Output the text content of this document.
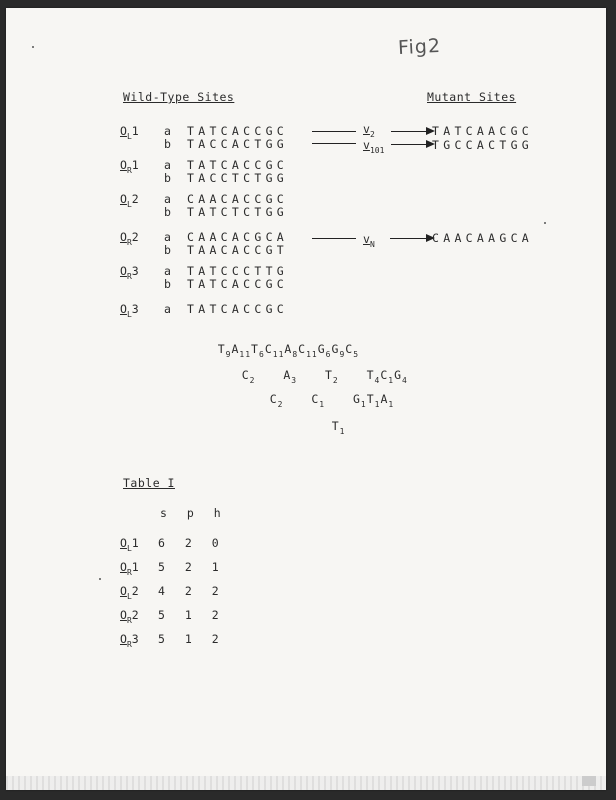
Fig2
Wild-Type Sites	Mutant Sites
$O_L1$ a TATCACCGC
b TACCACTGG
$O_R1$ a TATCACCGC
b TACCTCTGG
$O_L2$ a CAACACCGC
b TATCTCTGG
$O_R2$ a CAACACGCA
b TAACACCGT
$O_R3$ a TATCCCTTG
b TATCACCGC
$O_L3$ a TATCACCGC
$v_2$
$v_{101}$
TATCAACGC
TGCCACTGG
$v_N$	CAACAAGCA

$T_9A_{11}T_6C_{11}A_8C_{11}G_6G_9C_5$

$C_2$ $A_3$ $T_2$ $T_4C_1G_4$

$C_2$ $C_1$ $G_1T_1A_1$

$T_1$

Table I
s p h
$O_L1$ 6 2 0
$O_R1$ 5 2 1
$O_L2$ 4 2 2
$O_R2$ 5 1 2
$O_R3$ 5 1 2
